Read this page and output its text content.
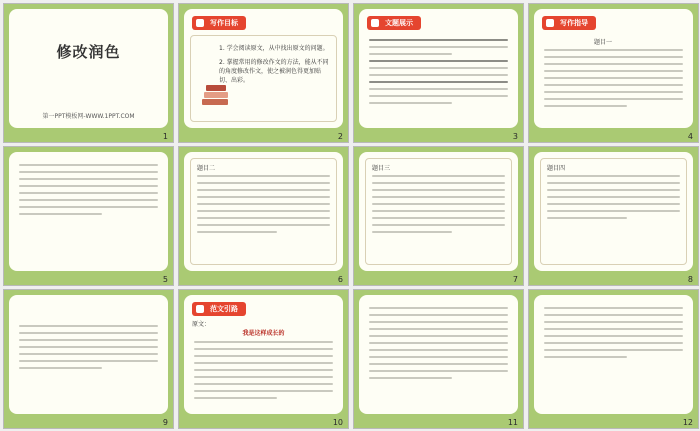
修改润色
第一PPT模板网-WWW.1PPT.COM
1
写作目标
1. 学会阅读原文，从中找出原文的问题。
2. 掌握常用的修改作文的方法，能从不同的角度修改作文，使之被润色得更加贴切、出彩。
2
文题展示
3
写作指导
题目一
4
5
题目二
6
题目三
7
题目四
8
9
范文引路
原文：
我是这样成长的
10	11	12
